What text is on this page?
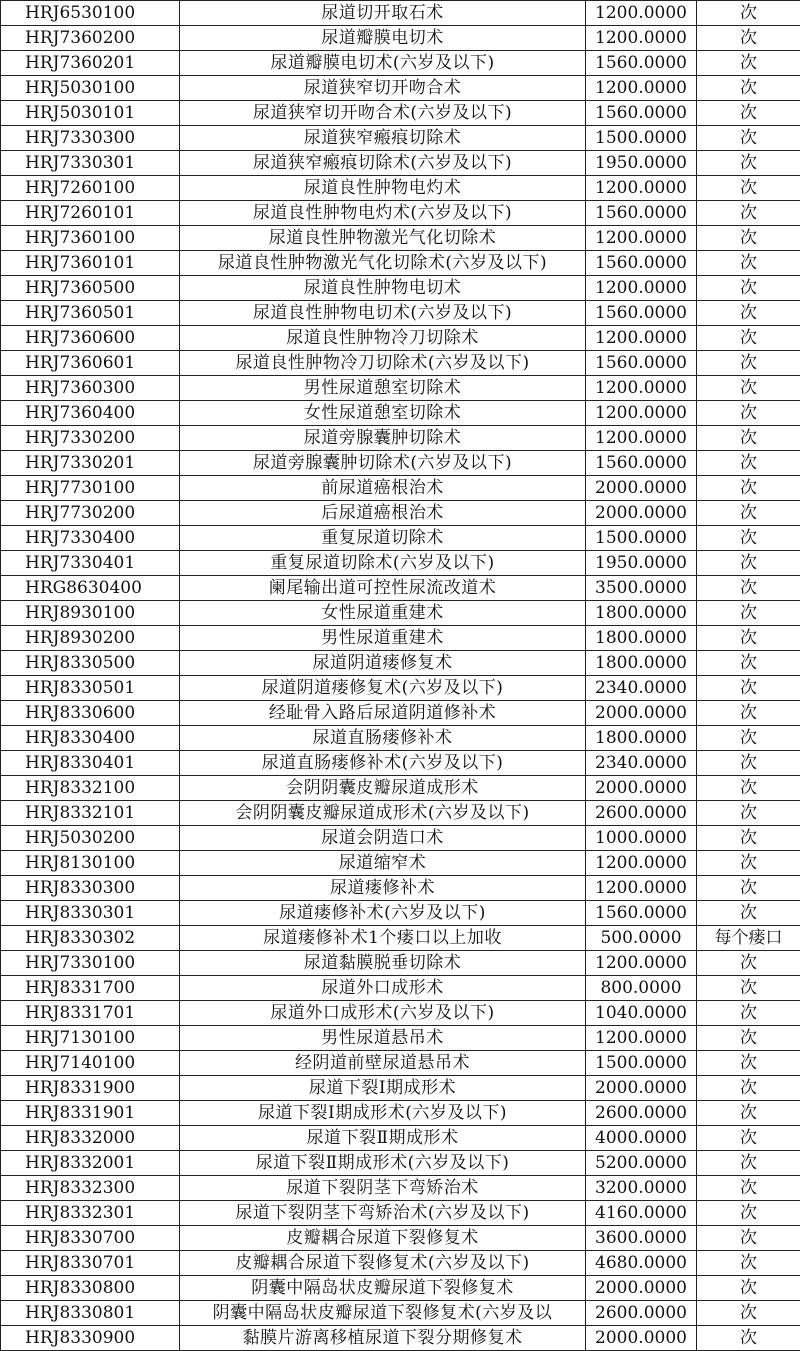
HRJ6530100	尿道切开取石术	1200.0000	次
HRJ7360200	尿道瓣膜电切术	1200.0000	次
HRJ7360201	尿道瓣膜电切术(六岁及以下)	1560.0000	次
HRJ5030100	尿道狭窄切开吻合术	1200.0000	次
HRJ5030101	尿道狭窄切开吻合术(六岁及以下)	1560.0000	次
HRJ7330300	尿道狭窄瘢痕切除术	1500.0000	次
HRJ7330301	尿道狭窄瘢痕切除术(六岁及以下)	1950.0000	次
HRJ7260100	尿道良性肿物电灼术	1200.0000	次
HRJ7260101	尿道良性肿物电灼术(六岁及以下)	1560.0000	次
HRJ7360100	尿道良性肿物激光气化切除术	1200.0000	次
HRJ7360101	尿道良性肿物激光气化切除术(六岁及以下)	1560.0000	次
HRJ7360500	尿道良性肿物电切术	1200.0000	次
HRJ7360501	尿道良性肿物电切术(六岁及以下)	1560.0000	次
HRJ7360600	尿道良性肿物冷刀切除术	1200.0000	次
HRJ7360601	尿道良性肿物冷刀切除术(六岁及以下)	1560.0000	次
HRJ7360300	男性尿道憩室切除术	1200.0000	次
HRJ7360400	女性尿道憩室切除术	1200.0000	次
HRJ7330200	尿道旁腺囊肿切除术	1200.0000	次
HRJ7330201	尿道旁腺囊肿切除术(六岁及以下)	1560.0000	次
HRJ7730100	前尿道癌根治术	2000.0000	次
HRJ7730200	后尿道癌根治术	2000.0000	次
HRJ7330400	重复尿道切除术	1500.0000	次
HRJ7330401	重复尿道切除术(六岁及以下)	1950.0000	次
HRG8630400	阑尾输出道可控性尿流改道术	3500.0000	次
HRJ8930100	女性尿道重建术	1800.0000	次
HRJ8930200	男性尿道重建术	1800.0000	次
HRJ8330500	尿道阴道瘘修复术	1800.0000	次
HRJ8330501	尿道阴道瘘修复术(六岁及以下)	2340.0000	次
HRJ8330600	经耻骨入路后尿道阴道修补术	2000.0000	次
HRJ8330400	尿道直肠瘘修补术	1800.0000	次
HRJ8330401	尿道直肠瘘修补术(六岁及以下)	2340.0000	次
HRJ8332100	会阴阴囊皮瓣尿道成形术	2000.0000	次
HRJ8332101	会阴阴囊皮瓣尿道成形术(六岁及以下)	2600.0000	次
HRJ5030200	尿道会阴造口术	1000.0000	次
HRJ8130100	尿道缩窄术	1200.0000	次
HRJ8330300	尿道瘘修补术	1200.0000	次
HRJ8330301	尿道瘘修补术(六岁及以下)	1560.0000	次
HRJ8330302	尿道瘘修补术1个瘘口以上加收	500.0000	每个瘘口
HRJ7330100	尿道黏膜脱垂切除术	1200.0000	次
HRJ8331700	尿道外口成形术	800.0000	次
HRJ8331701	尿道外口成形术(六岁及以下)	1040.0000	次
HRJ7130100	男性尿道悬吊术	1200.0000	次
HRJ7140100	经阴道前壁尿道悬吊术	1500.0000	次
HRJ8331900	尿道下裂Ⅰ期成形术	2000.0000	次
HRJ8331901	尿道下裂Ⅰ期成形术(六岁及以下)	2600.0000	次
HRJ8332000	尿道下裂Ⅱ期成形术	4000.0000	次
HRJ8332001	尿道下裂Ⅱ期成形术(六岁及以下)	5200.0000	次
HRJ8332300	尿道下裂阴茎下弯矫治术	3200.0000	次
HRJ8332301	尿道下裂阴茎下弯矫治术(六岁及以下)	4160.0000	次
HRJ8330700	皮瓣耦合尿道下裂修复术	3600.0000	次
HRJ8330701	皮瓣耦合尿道下裂修复术(六岁及以下)	4680.0000	次
HRJ8330800	阴囊中隔岛状皮瓣尿道下裂修复术	2000.0000	次
HRJ8330801	阴囊中隔岛状皮瓣尿道下裂修复术(六岁及以	2600.0000	次
HRJ8330900	黏膜片游离移植尿道下裂分期修复术	2000.0000	次
